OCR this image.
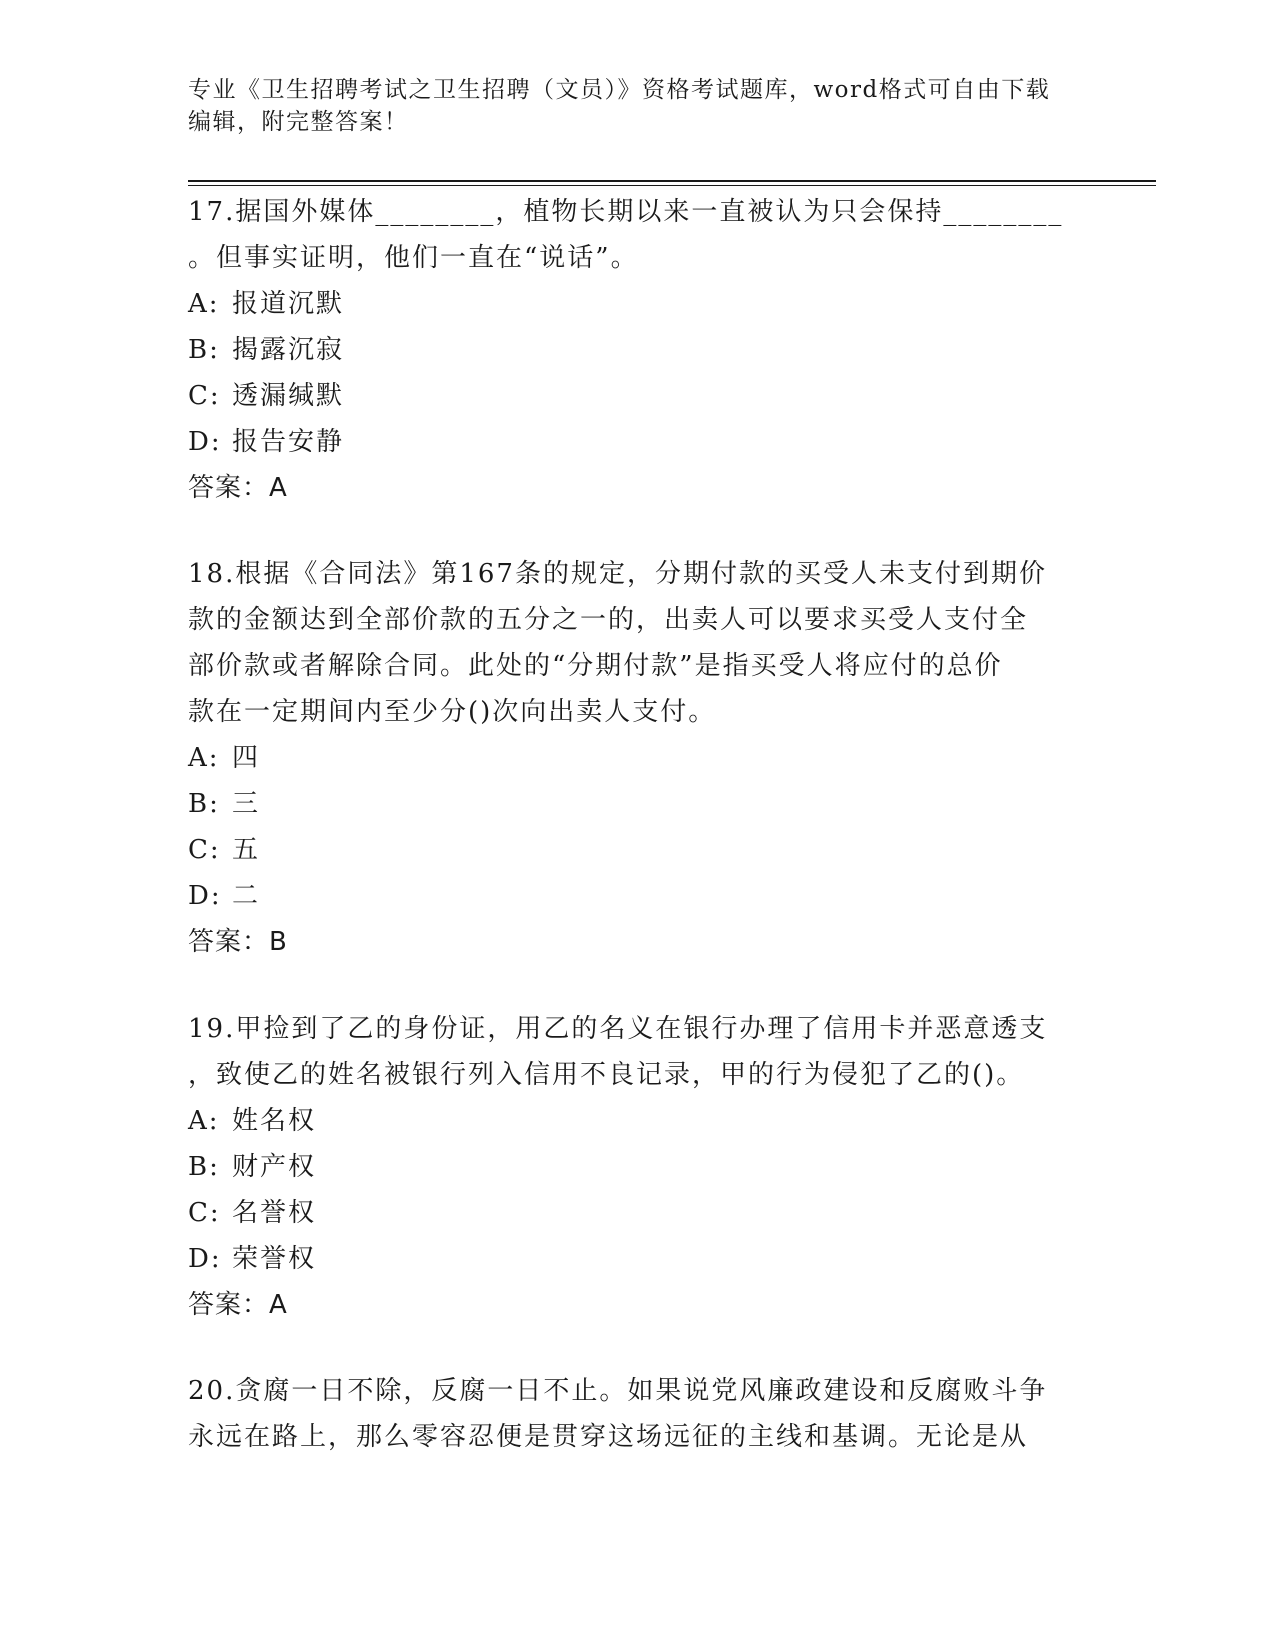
专业《卫生招聘考试之卫生招聘（文员）》资格考试题库，word格式可自由下载
编辑，附完整答案！
17.据国外媒体________，植物长期以来一直被认为只会保持________
。但事实证明，他们一直在“说话”。
A: 报道沉默
B: 揭露沉寂
C: 透漏缄默
D: 报告安静
答案：A
18.根据《合同法》第167条的规定，分期付款的买受人未支付到期价
款的金额达到全部价款的五分之一的，出卖人可以要求买受人支付全
部价款或者解除合同。此处的“分期付款”是指买受人将应付的总价
款在一定期间内至少分()次向出卖人支付。
A: 四
B: 三
C: 五
D: 二
答案：B
19.甲捡到了乙的身份证，用乙的名义在银行办理了信用卡并恶意透支
，致使乙的姓名被银行列入信用不良记录，甲的行为侵犯了乙的()。
A: 姓名权
B: 财产权
C: 名誉权
D: 荣誉权
答案：A
20.贪腐一日不除，反腐一日不止。如果说党风廉政建设和反腐败斗争
永远在路上，那么零容忍便是贯穿这场远征的主线和基调。无论是从
